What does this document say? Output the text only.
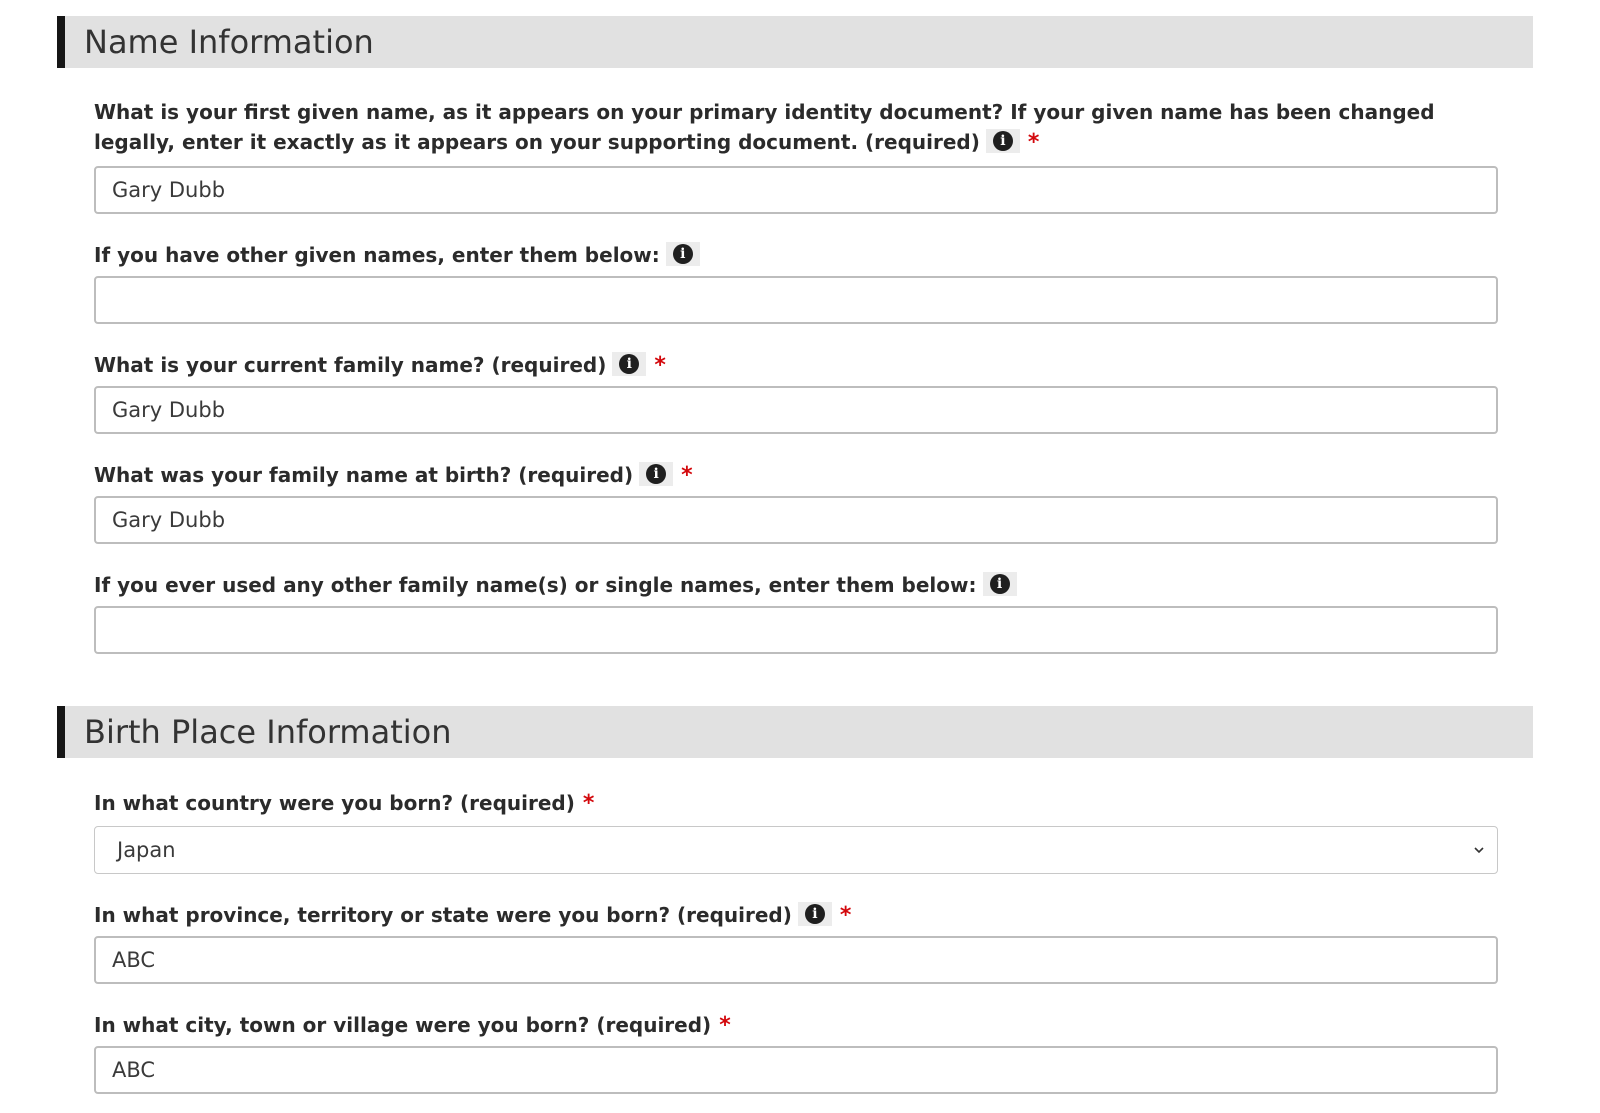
Name Information
What is your first given name, as it appears on your primary identity document? If your given name has been changed legally, enter it exactly as it appears on your supporting document. (required)	i	*
Gary Dubb
If you have other given names, enter them below:	i
What is your current family name? (required)	i	*
Gary Dubb
What was your family name at birth? (required)	i	*
Gary Dubb
If you ever used any other family name(s) or single names, enter them below:	i
Birth Place Information
In what country were you born? (required) *
Japan
In what province, territory or state were you born? (required)	i	*
ABC
In what city, town or village were you born? (required) *
ABC
